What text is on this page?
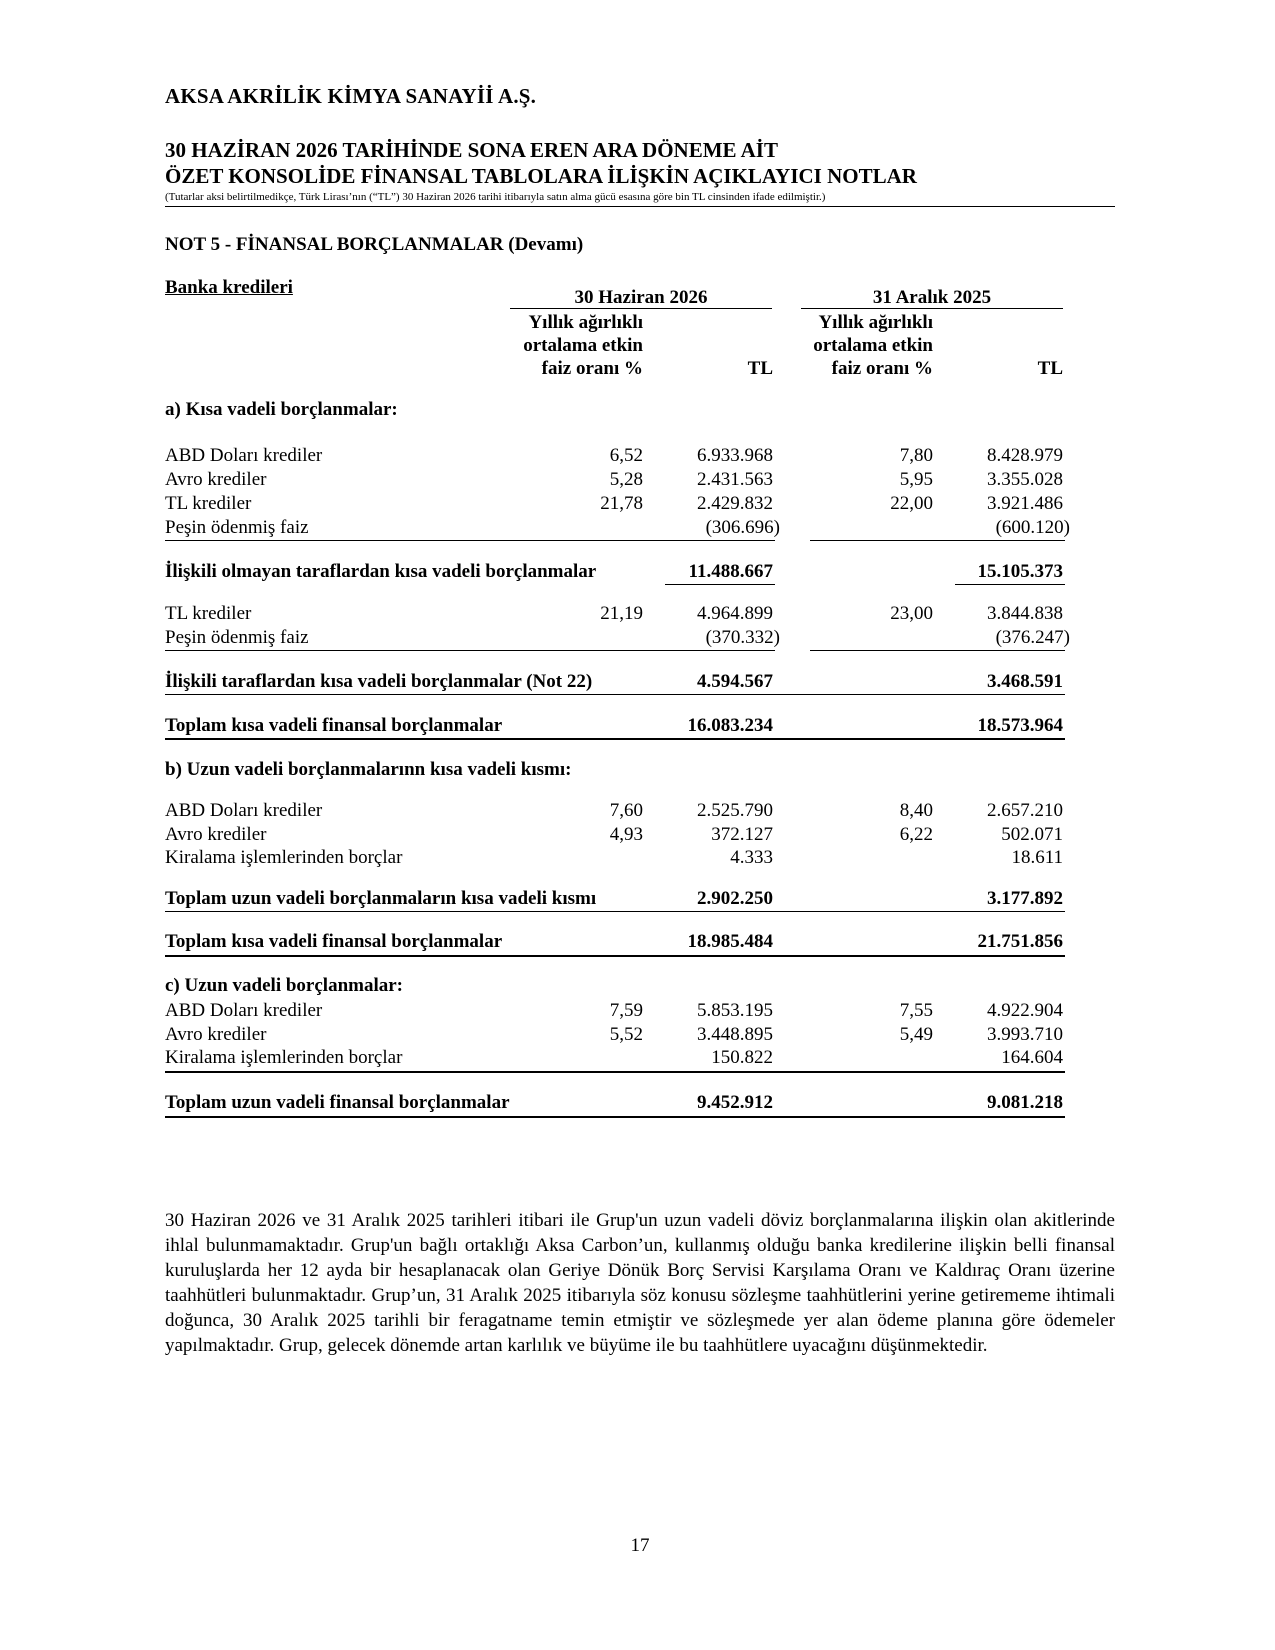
AKSA AKRİLİK KİMYA SANAYİİ A.Ş.
30 HAZİRAN 2026 TARİHİNDE SONA EREN ARA DÖNEME AİT
ÖZET KONSOLİDE FİNANSAL TABLOLARA İLİŞKİN AÇIKLAYICI NOTLAR
(Tutarlar aksi belirtilmedikçe, Türk Lirası’nın (“TL”) 30 Haziran 2026 tarihi itibarıyla satın alma gücü esasına göre bin TL cinsinden ifade edilmiştir.)
NOT 5 - FİNANSAL BORÇLANMALAR (Devamı)
Banka kredileri	30 Haziran 2026	31 Aralık 2025
Yıllık ağırlıklı
ortalama etkin
faiz oranı %	TL
Yıllık ağırlıklı
ortalama etkin
faiz oranı %	TL
a) Kısa vadeli borçlanmalar:
ABD Doları krediler	6,52	6.933.968	7,80	8.428.979
Avro krediler	5,28	2.431.563	5,95	3.355.028
TL krediler	21,78	2.429.832	22,00	3.921.486
Peşin ödenmiş faiz	(306.696)	(600.120)
İlişkili olmayan taraflardan kısa vadeli borçlanmalar	11.488.667	15.105.373
TL krediler	21,19	4.964.899	23,00	3.844.838
Peşin ödenmiş faiz	(370.332)	(376.247)
İlişkili taraflardan kısa vadeli borçlanmalar (Not 22)	4.594.567	3.468.591
Toplam kısa vadeli finansal borçlanmalar	16.083.234	18.573.964
b) Uzun vadeli borçlanmalarınn kısa vadeli kısmı:
ABD Doları krediler	7,60	2.525.790	8,40	2.657.210
Avro krediler	4,93	372.127	6,22	502.071
Kiralama işlemlerinden borçlar	4.333	18.611
Toplam uzun vadeli borçlanmaların kısa vadeli kısmı	2.902.250	3.177.892
Toplam kısa vadeli finansal borçlanmalar	18.985.484	21.751.856
c) Uzun vadeli borçlanmalar:
ABD Doları krediler	7,59	5.853.195	7,55	4.922.904
Avro krediler	5,52	3.448.895	5,49	3.993.710
Kiralama işlemlerinden borçlar	150.822	164.604
Toplam uzun vadeli finansal borçlanmalar	9.452.912	9.081.218
30 Haziran 2026 ve 31 Aralık 2025 tarihleri itibari ile Grup'un uzun vadeli döviz borçlanmalarına ilişkin olan akitlerinde ihlal bulunmamaktadır. Grup'un bağlı ortaklığı Aksa Carbon’un, kullanmış olduğu banka kredilerine ilişkin belli finansal kuruluşlarda her 12 ayda bir hesaplanacak olan Geriye Dönük Borç Servisi Karşılama Oranı ve Kaldıraç Oranı üzerine taahhütleri bulunmaktadır. Grup’un, 31 Aralık 2025 itibarıyla söz konusu sözleşme taahhütlerini yerine getirememe ihtimali doğunca, 30 Aralık 2025 tarihli bir feragatname temin etmiştir ve sözleşmede yer alan ödeme planına göre ödemeler yapılmaktadır. Grup, gelecek dönemde artan karlılık ve büyüme ile bu taahhütlere uyacağını düşünmektedir.
17
